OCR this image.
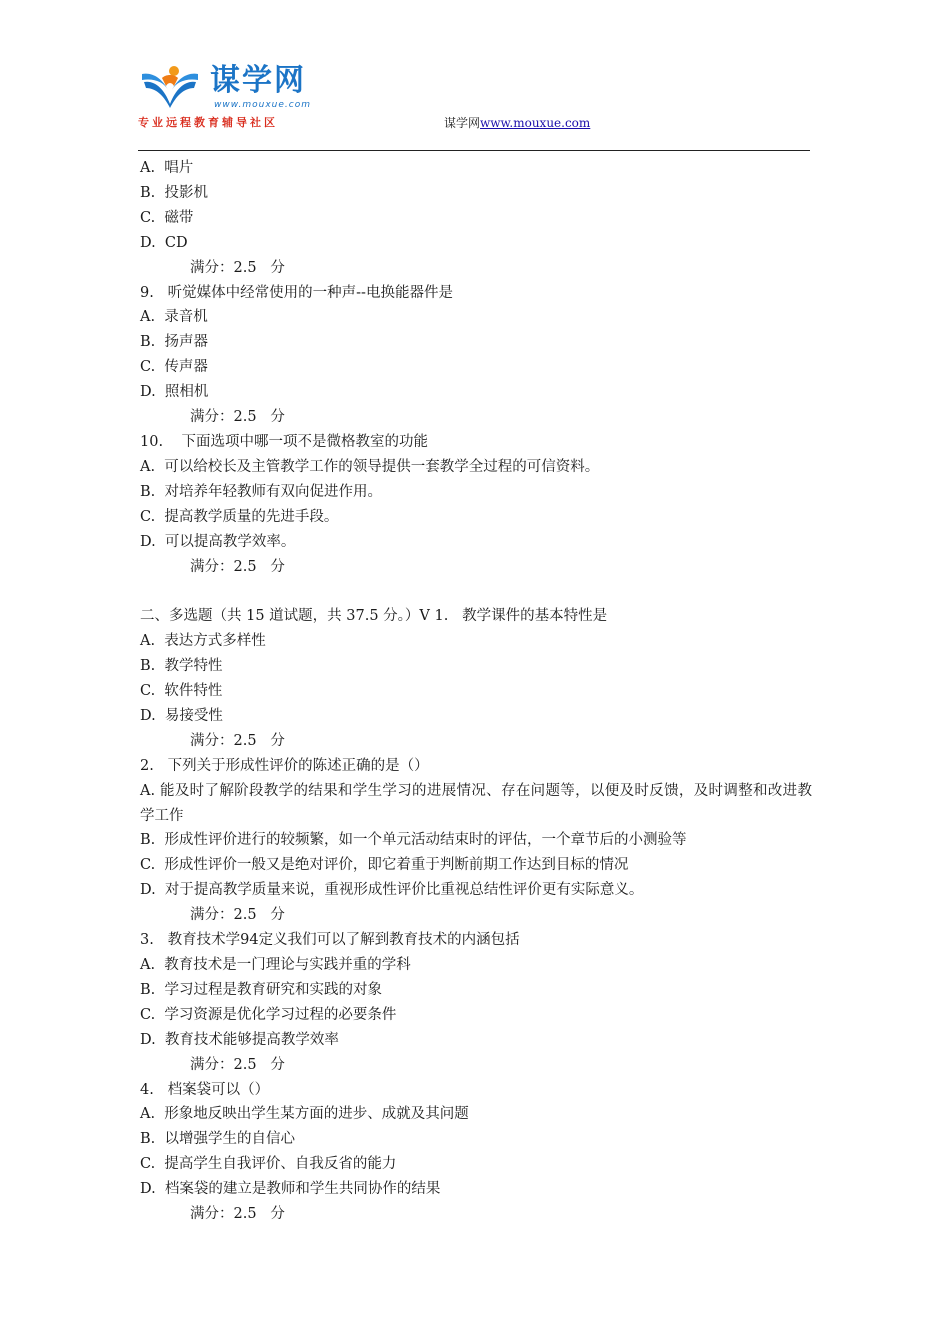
谋学网
www.mouxue.com
专业远程教育辅导社区	谋学网www.mouxue.com
A.  唱片
B.  投影机
C.  磁带
D.  CD
满分：2.5   分
9.   听觉媒体中经常使用的一种声--电换能器件是
A.  录音机
B.  扬声器
C.  传声器
D.  照相机
满分：2.5   分
10.    下面选项中哪一项不是微格教室的功能
A.  可以给校长及主管教学工作的领导提供一套教学全过程的可信资料。
B.  对培养年轻教师有双向促进作用。
C.  提高教学质量的先进手段。
D.  可以提高教学效率。
满分：2.5   分
二、多选题（共 15 道试题，共 37.5 分。）V 1.   教学课件的基本特性是
A.  表达方式多样性
B.  教学特性
C.  软件特性
D.  易接受性
满分：2.5   分
2.   下列关于形成性评价的陈述正确的是（）
A. 能及时了解阶段教学的结果和学生学习的进展情况、存在问题等，以便及时反馈，及时调整和改进教学工作
B.  形成性评价进行的较频繁，如一个单元活动结束时的评估，一个章节后的小测验等
C.  形成性评价一般又是绝对评价，即它着重于判断前期工作达到目标的情况
D.  对于提高教学质量来说，重视形成性评价比重视总结性评价更有实际意义。
满分：2.5   分
3.   教育技术学94定义我们可以了解到教育技术的内涵包括
A.  教育技术是一门理论与实践并重的学科
B.  学习过程是教育研究和实践的对象
C.  学习资源是优化学习过程的必要条件
D.  教育技术能够提高教学效率
满分：2.5   分
4.   档案袋可以（）
A.  形象地反映出学生某方面的进步、成就及其问题
B.  以增强学生的自信心
C.  提高学生自我评价、自我反省的能力
D.  档案袋的建立是教师和学生共同协作的结果
满分：2.5   分
